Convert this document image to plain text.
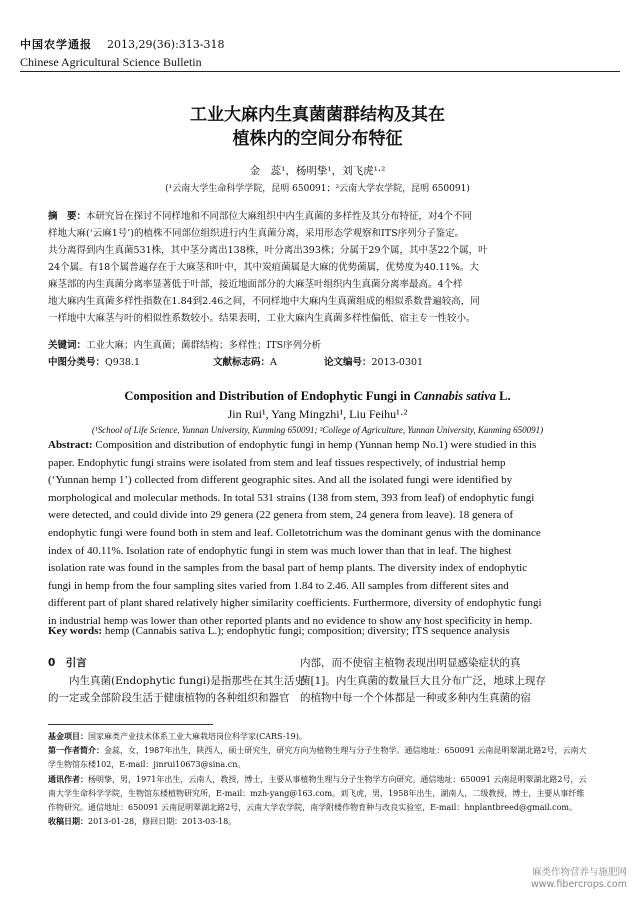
中国农学通报 2013,29(36):313-318
Chinese Agricultural Science Bulletin
工业大麻内生真菌菌群结构及其在
植株内的空间分布特征
金　蕊¹，杨明挚¹，刘飞虎¹·²
(¹云南大学生命科学学院，昆明 650091；²云南大学农学院，昆明 650091)
摘　要：本研究旨在探讨不同样地和不同部位大麻组织中内生真菌的多样性及其分布特征，对4个不同
样地大麻(‘云麻1号’)的植株不同部位组织进行内生真菌分离，采用形态学观察和ITS序列分子鉴定。
共分离得到内生真菌531株，其中茎分离出138株，叶分离出393株；分属于29个属，其中茎22个属，叶
24个属。有18个属普遍存在于大麻茎和叶中，其中炭疽菌属是大麻的优势菌属，优势度为40.11%。大
麻茎部的内生真菌分离率显著低于叶部，接近地面部分的大麻茎叶组织内生真菌分离率最高。4个样
地大麻内生真菌多样性指数在1.84到2.46之间，不同样地中大麻内生真菌组成的相似系数普遍较高，同
一样地中大麻茎与叶的相似性系数较小。结果表明，工业大麻内生真菌多样性偏低、宿主专一性较小。
关键词：工业大麻；内生真菌；菌群结构；多样性；ITS序列分析
中图分类号：Q938.1	文献标志码：A	论文编号：2013-0301
Composition and Distribution of Endophytic Fungi in Cannabis sativa L.
Jin Rui¹, Yang Mingzhi¹, Liu Feihu¹·²
(¹School of Life Science, Yunnan University, Kunming 650091; ²College of Agriculture, Yunnan University, Kunming 650091)
Abstract: Composition and distribution of endophytic fungi in hemp (Yunnan hemp No.1) were studied in this
paper. Endophytic fungi strains were isolated from stem and leaf tissues respectively, of industrial hemp
(‘Yunnan hemp 1’) collected from different geographic sites. And all the isolated fungi were identified by
morphological and molecular methods. In total 531 strains (138 from stem, 393 from leaf) of endophytic fungi
were detected, and could divide into 29 genera (22 genera from stem, 24 genera from leave). 18 genera of
endophytic fungi were found both in stem and leaf. Colletotrichum was the dominant genus with the dominance
index of 40.11%. Isolation rate of endophytic fungi in stem was much lower than that in leaf. The highest
isolation rate was found in the samples from the basal part of hemp plants. The diversity index of endophytic
fungi in hemp from the four sampling sites varied from 1.84 to 2.46. All samples from different sites and
different part of plant shared relatively higher similarity coefficients. Furthermore, diversity of endophytic fungi
in industrial hemp was lower than other reported plants and no evidence to show any host specificity in hemp.
Key words: hemp (Cannabis sativa L.); endophytic fungi; composition; diversity; ITS sequence analysis
0　引言
　　内生真菌(Endophytic fungi)是指那些在其生活史
的一定或全部阶段生活于健康植物的各种组织和器官
内部，而不使宿主植物表现出明显感染症状的真
菌[1]。内生真菌的数量巨大且分布广泛，地球上现存
的植物中每一个个体都是一种或多种内生真菌的宿

基金项目：国家麻类产业技术体系工业大麻栽培岗位科学家(CARS-19)。

第一作者简介：金蕊，女，1987年出生，陕西人，硕士研究生，研究方向为植物生理与分子生物学。通信地址：650091 云南昆明翠湖北路2号，云南大学生物馆东楼102，E-mail：jinrui10673@sina.cn。

通讯作者：杨明挚，男，1971年出生，云南人，教授，博士，主要从事植物生理与分子生物学方向研究。通信地址：650091 云南昆明翠湖北路2号，云南大学生命科学学院，生物馆东楼植物研究所，E-mail：mzh-yang@163.com。刘飞虎，男，1958年出生，湖南人，二级教授，博士，主要从事纤维作物研究。通信地址：650091 云南昆明翠湖北路2号，云南大学农学院，南学附楼作物育种与改良实验室，E-mail：hnplantbreed@gmail.com。

收稿日期：2013-01-28，修回日期：2013-03-18。

麻类作物营养与施肥网
www.fibercrops.com
